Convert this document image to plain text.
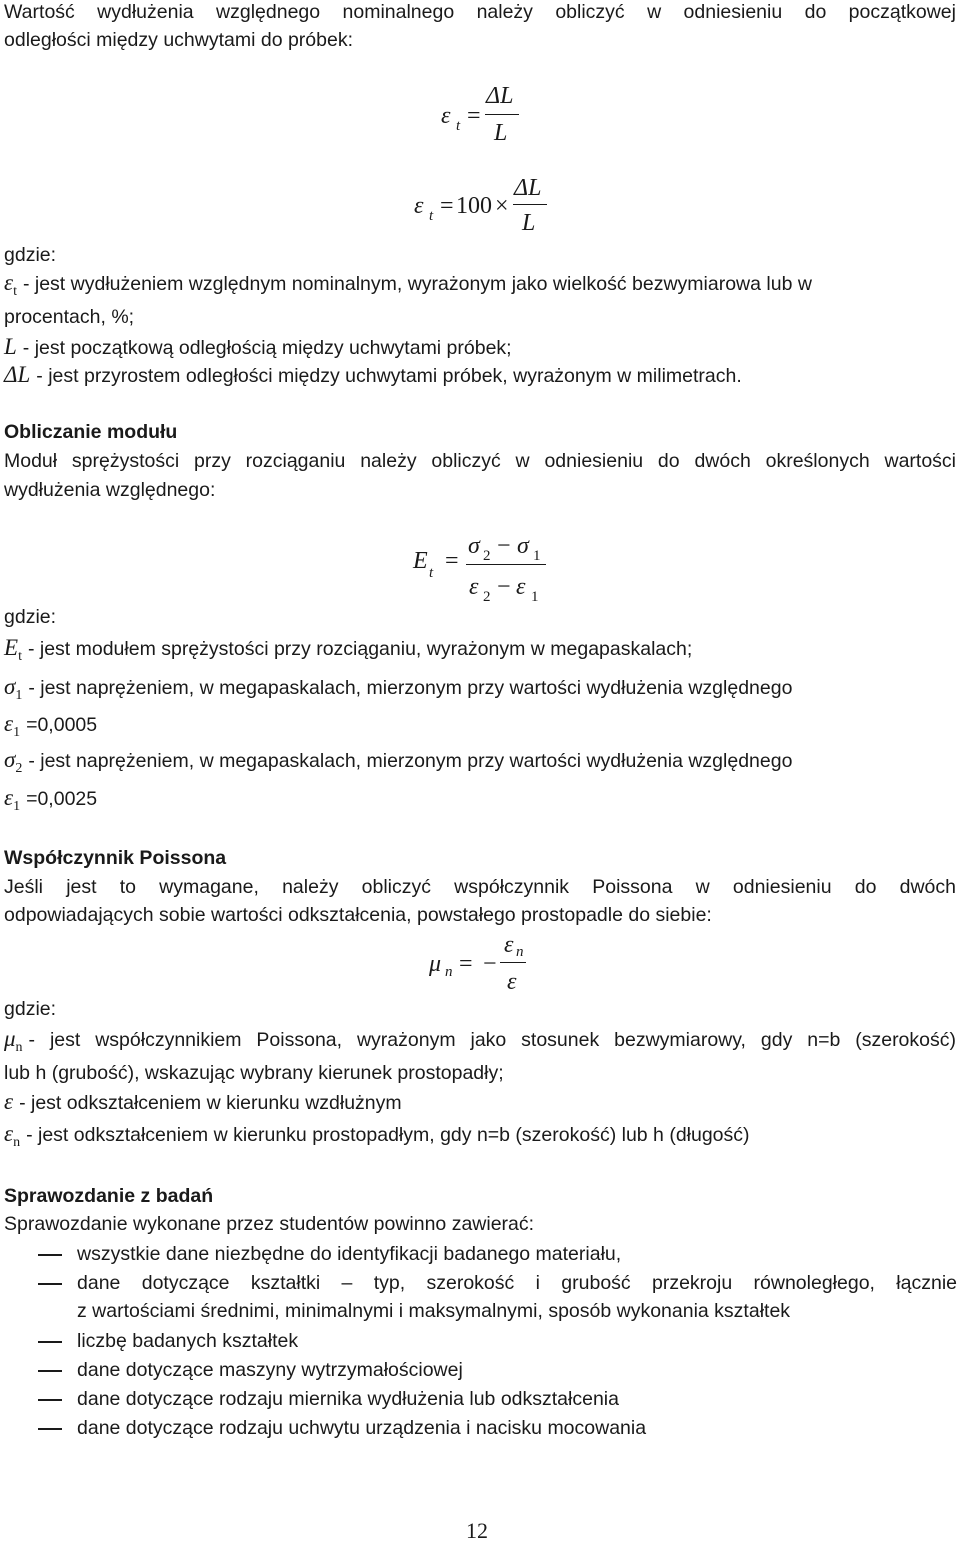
Wartość wydłużenia względnego nominalnego należy obliczyć w odniesieniu do początkowej
odległości między uchwytami do próbek:
ε t =
ΔL
L
ε t = 100 ×
ΔL
L
gdzie:
$\varepsilon_t$ - jest wydłużeniem względnym nominalnym, wyrażonym jako wielkość bezwymiarowa lub w
procentach, %;
L - jest początkową odległością między uchwytami próbek;
ΔL - jest przyrostem odległości między uchwytami próbek, wyrażonym w milimetrach.
Obliczanie modułu
Moduł sprężystości przy rozciąganiu należy obliczyć w odniesieniu do dwóch określonych wartości
wydłużenia względnego:
E t =
σ 2 − σ 1
ε 2 − ε 1
gdzie:
$E_t$ - jest modułem sprężystości przy rozciąganiu, wyrażonym w megapaskalach;
$\sigma_1$ - jest naprężeniem, w megapaskalach, mierzonym przy wartości wydłużenia względnego
$\varepsilon_1 =0,0005$
$\sigma_2$ - jest naprężeniem, w megapaskalach, mierzonym przy wartości wydłużenia względnego
$\varepsilon_1 =0,0025$
Współczynnik Poissona
Jeśli jest to wymagane, należy obliczyć współczynnik Poissona w odniesieniu do dwóch
odpowiadających sobie wartości odkształcenia, powstałego prostopadle do siebie:
μ n = −
ε n
ε
gdzie:
$\mu_n$ - jest współczynnikiem Poissona, wyrażonym jako stosunek bezwymiarowy, gdy n=b (szerokość)
lub h (grubość), wskazując wybrany kierunek prostopadły;
ε - jest odkształceniem w kierunku wzdłużnym
$\varepsilon_n$ - jest odkształceniem w kierunku prostopadłym, gdy n=b (szerokość) lub h (długość)
Sprawozdanie z badań
Sprawozdanie wykonane przez studentów powinno zawierać:
wszystkie dane niezbędne do identyfikacji badanego materiału,
dane dotyczące kształtki – typ, szerokość i grubość przekroju równoległego, łącznie
z wartościami średnimi, minimalnymi i maksymalnymi, sposób wykonania kształtek
liczbę badanych kształtek
dane dotyczące maszyny wytrzymałościowej
dane dotyczące rodzaju miernika wydłużenia lub odkształcenia
dane dotyczące rodzaju uchwytu urządzenia i nacisku mocowania
12
